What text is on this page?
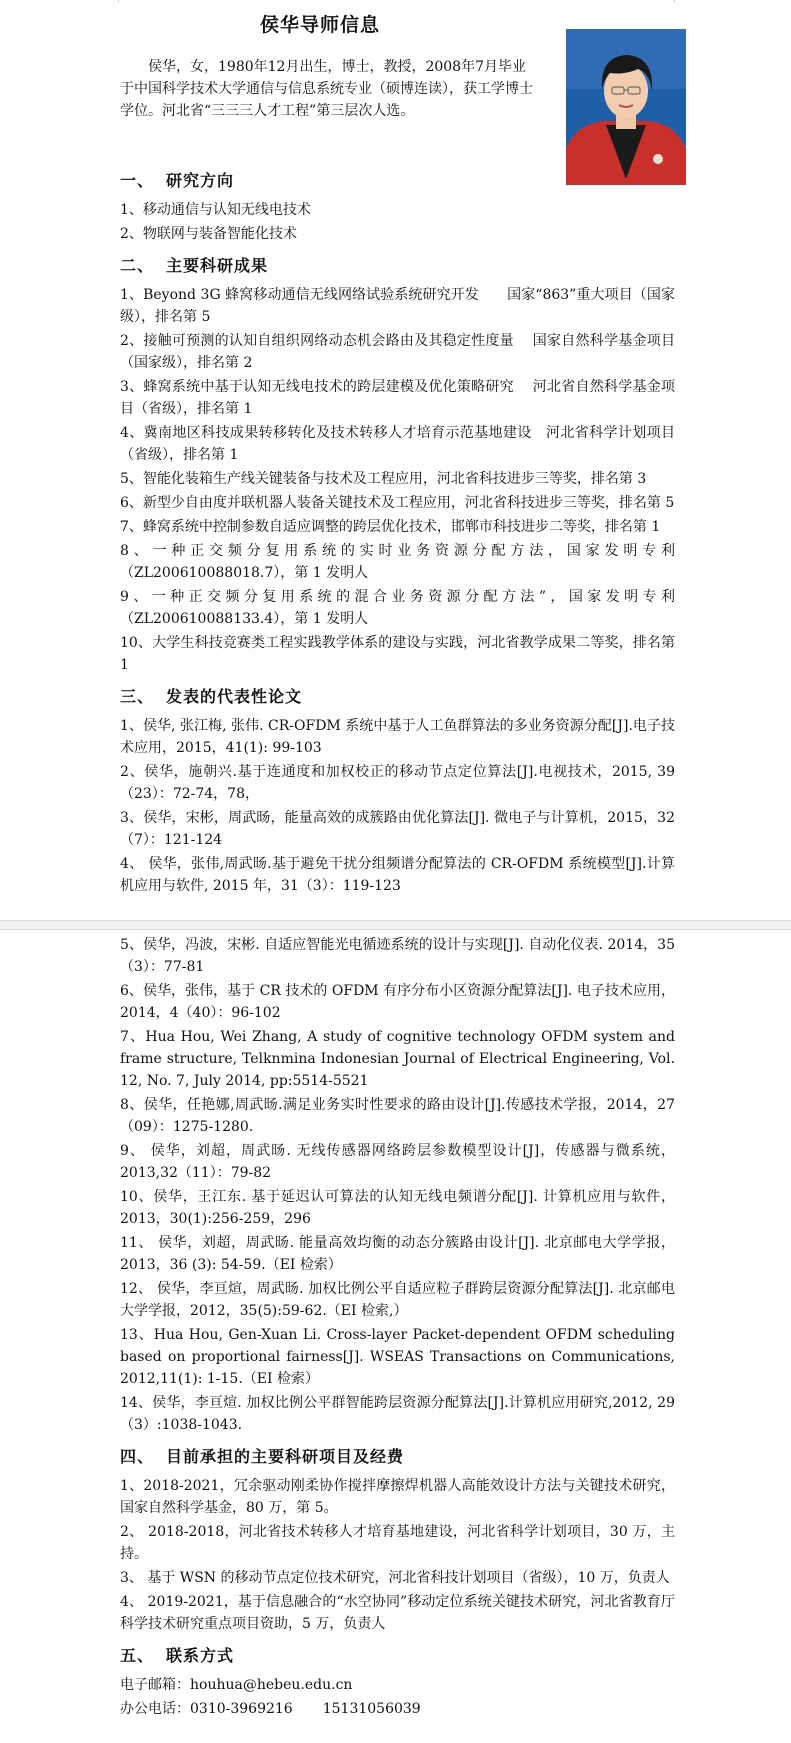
侯华导师信息
侯华，女，1980年12月出生，博士，教授，2008年7月毕业于中国科学技术大学通信与信息系统专业（硕博连读），获工学博士学位。河北省“三三三人才工程”第三层次人选。
一、 研究方向
1、移动通信与认知无线电技术
2、物联网与装备智能化技术
二、 主要科研成果
1、Beyond 3G 蜂窝移动通信无线网络试验系统研究开发　　国家“863”重大项目（国家级），排名第 5
2、接触可预测的认知自组织网络动态机会路由及其稳定性度量　 国家自然科学基金项目（国家级），排名第 2
3、蜂窝系统中基于认知无线电技术的跨层建模及优化策略研究　 河北省自然科学基金项目（省级），排名第 1
4、冀南地区科技成果转移转化及技术转移人才培育示范基地建设　河北省科学计划项目（省级），排名第 1
5、智能化装箱生产线关键装备与技术及工程应用，河北省科技进步三等奖，排名第 3
6、新型少自由度并联机器人装备关键技术及工程应用，河北省科技进步三等奖，排名第 5
7、蜂窝系统中控制参数自适应调整的跨层优化技术，邯郸市科技进步二等奖，排名第 1
8、一种正交频分复用系统的实时业务资源分配方法，国家发明专利（ZL200610088018.7），第 1 发明人
9、一种正交频分复用系统的混合业务资源分配方法”，国家发明专利（ZL200610088133.4），第 1 发明人
10、大学生科技竞赛类工程实践教学体系的建设与实践，河北省教学成果二等奖，排名第 1
三、 发表的代表性论文
1、侯华, 张江梅, 张伟. CR-OFDM 系统中基于人工鱼群算法的多业务资源分配[J].电子技术应用，2015，41(1): 99-103
2、侯华，施朝兴.基于连通度和加权校正的移动节点定位算法[J].电视技术，2015, 39（23）：72-74，78，
3、侯华，宋彬，周武旸，能量高效的成簇路由优化算法[J]. 微电子与计算机，2015，32（7）：121-124
4、 侯华，张伟,周武旸.基于避免干扰分组频谱分配算法的 CR-OFDM 系统模型[J].计算机应用与软件, 2015 年，31（3）：119-123
5、侯华，冯波，宋彬. 自适应智能光电循迹系统的设计与实现[J]. 自动化仪表. 2014，35（3）：77-81
6、侯华，张伟，基于 CR 技术的 OFDM 有序分布小区资源分配算法[J]. 电子技术应用，2014，4（40）：96-102
7、Hua Hou, Wei Zhang, A study of cognitive technology OFDM system and frame structure, Telknmina Indonesian Journal of Electrical Engineering, Vol. 12, No. 7, July 2014, pp:5514-5521
8、侯华，任艳娜,周武旸.满足业务实时性要求的路由设计[J].传感技术学报，2014，27（09）：1275-1280.
9、 侯华，刘超，周武旸. 无线传感器网络跨层参数模型设计[J]，传感器与微系统，2013,32（11）：79-82
10、侯华，王江东. 基于延迟认可算法的认知无线电频谱分配[J]. 计算机应用与软件，2013，30(1):256-259，296
11、 侯华，刘超，周武旸. 能量高效均衡的动态分簇路由设计[J]. 北京邮电大学学报，2013，36 (3): 54-59.（EI 检索）
12、 侯华，李亘煊，周武旸. 加权比例公平自适应粒子群跨层资源分配算法[J]. 北京邮电大学学报，2012，35(5):59-62.（EI 检索,）
13、Hua Hou, Gen-Xuan Li. Cross-layer Packet-dependent OFDM scheduling based on proportional fairness[J]. WSEAS Transactions on Communications, 2012,11(1): 1-15.（EI 检索）
14、侯华，李亘煊. 加权比例公平群智能跨层资源分配算法[J].计算机应用研究,2012, 29（3）:1038-1043.
四、 目前承担的主要科研项目及经费
1、2018-2021，冗余驱动刚柔协作搅拌摩擦焊机器人高能效设计方法与关键技术研究，国家自然科学基金，80 万，第 5。
2、 2018-2018，河北省技术转移人才培育基地建设，河北省科学计划项目，30 万，主持。
3、 基于 WSN 的移动节点定位技术研究，河北省科技计划项目（省级），10 万，负责人
4、 2019-2021，基于信息融合的“水空协同”移动定位系统关键技术研究，河北省教育厅科学技术研究重点项目资助，5 万，负责人
五、 联系方式
电子邮箱：houhua@hebeu.edu.cn
办公电话：0310-3969216 15131056039
